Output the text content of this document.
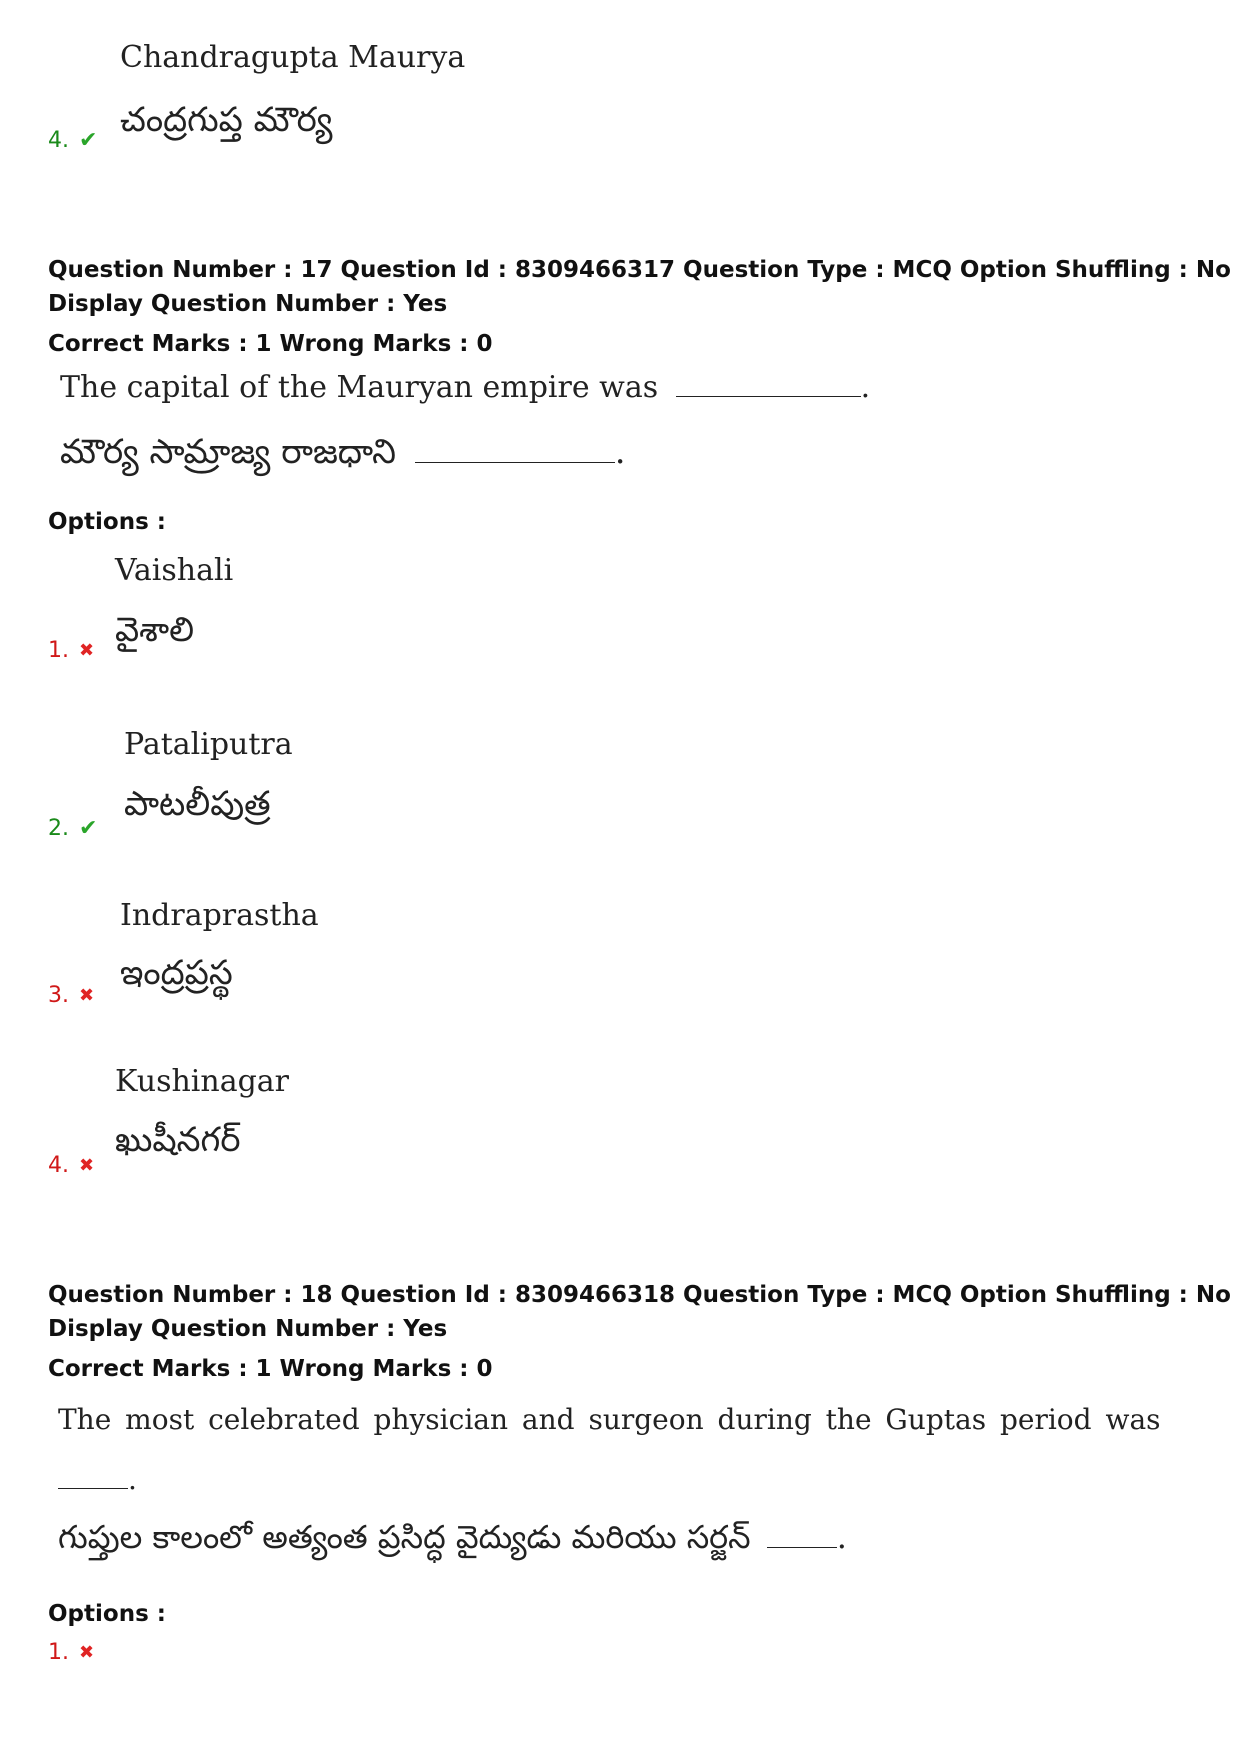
Chandragupta Maurya
చంద్రగుప్త మౌర్య
4. ✔
Question Number : 17 Question Id : 8309466317 Question Type : MCQ Option Shuffling : No
Display Question Number : Yes
Correct Marks : 1 Wrong Marks : 0
The capital of the Mauryan empire was	.
మౌర్య సామ్రాజ్య రాజధాని	.
Options :
Vaishali
వైశాలి
1. ✖
Pataliputra
పాటలీపుత్ర
2. ✔
Indraprastha
ఇంద్రప్రస్థ
3. ✖
Kushinagar
ఖుషీనగర్
4. ✖
Question Number : 18 Question Id : 8309466318 Question Type : MCQ Option Shuffling : No
Display Question Number : Yes
Correct Marks : 1 Wrong Marks : 0
The most celebrated physician and surgeon during the Guptas period was
.
గుప్తుల కాలంలో అత్యంత ప్రసిద్ధ వైద్యుడు మరియు సర్జన్	.
Options :
1. ✖
